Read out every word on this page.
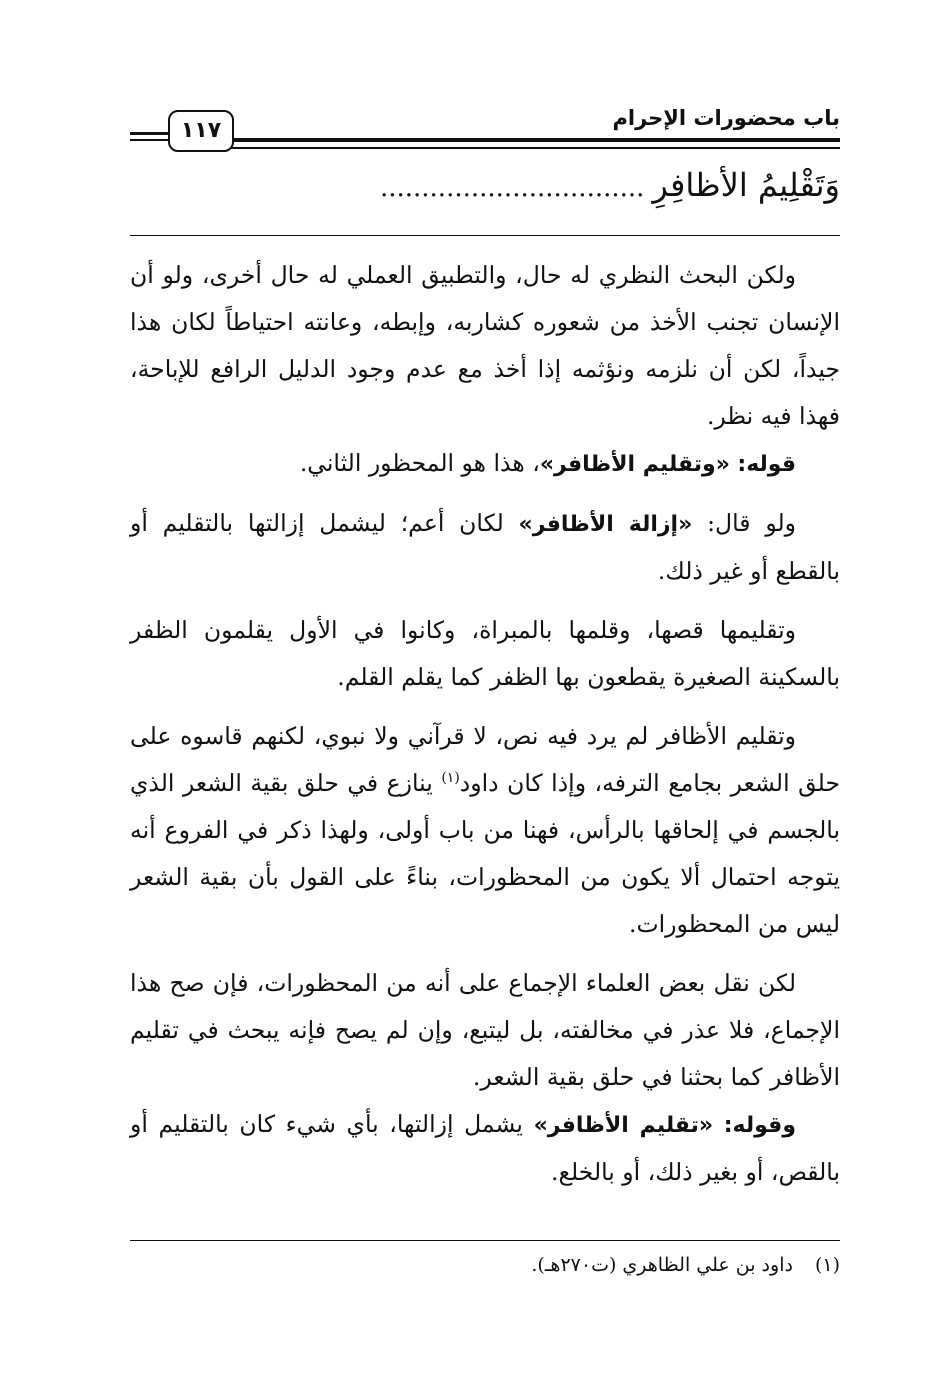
١١٧	باب محضورات الإحرام
وَتَقْلِيمُ الأظافِرِ................................

ولكن البحث النظري له حال، والتطبيق العملي له حال أخرى، ولو أن الإنسان تجنب الأخذ من شعوره كشاربه، وإبطه، وعانته احتياطاً لكان هذا جيداً، لكن أن نلزمه ونؤثمه إذا أخذ مع عدم وجود الدليل الرافع للإباحة، فهذا فيه نظر.

قوله: «وتقليم الأظافر»، هذا هو المحظور الثاني.

ولو قال: «إزالة الأظافر» لكان أعم؛ ليشمل إزالتها بالتقليم أو بالقطع أو غير ذلك.

وتقليمها قصها، وقلمها بالمبراة، وكانوا في الأول يقلمون الظفر بالسكينة الصغيرة يقطعون بها الظفر كما يقلم القلم.

وتقليم الأظافر لم يرد فيه نص، لا قرآني ولا نبوي، لكنهم قاسوه على حلق الشعر بجامع الترفه، وإذا كان داود$^{(١)}$ ينازع في حلق بقية الشعر الذي بالجسم في إلحاقها بالرأس، فهنا من باب أولى، ولهذا ذكر في الفروع أنه يتوجه احتمال ألا يكون من المحظورات، بناءً على القول بأن بقية الشعر ليس من المحظورات.

لكن نقل بعض العلماء الإجماع على أنه من المحظورات، فإن صح هذا الإجماع، فلا عذر في مخالفته، بل ليتبع، وإن لم يصح فإنه يبحث في تقليم الأظافر كما بحثنا في حلق بقية الشعر.

وقوله: «تقليم الأظافر» يشمل إزالتها، بأي شيء كان بالتقليم أو بالقص، أو بغير ذلك، أو بالخلع.

(١)داود بن علي الظاهري (ت٢٧٠هـ).
